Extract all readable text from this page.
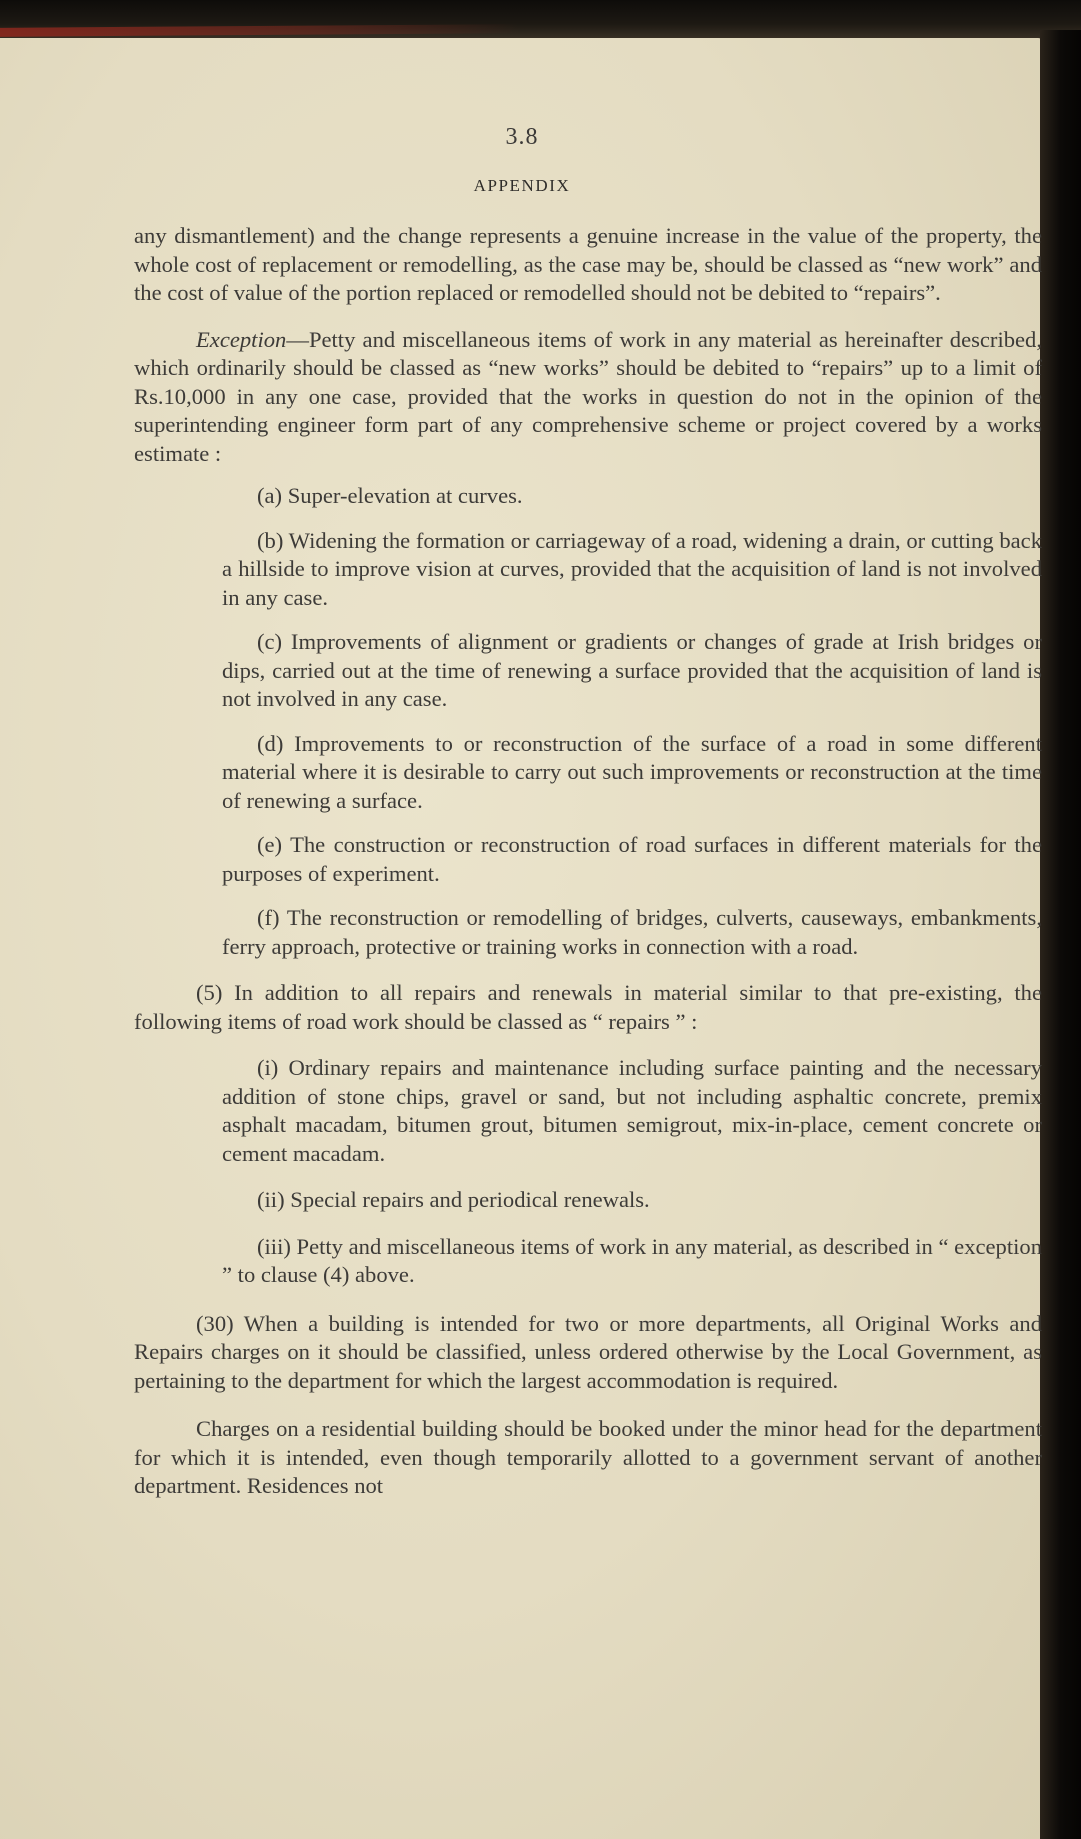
3.8
APPENDIX

any dismantlement) and the change represents a genuine increase in the value of the property, the whole cost of replacement or remodelling, as the case may be, should be classed as “new work” and the cost of value of the portion replaced or remodelled should not be debited to “repairs”.

Exception—Petty and miscellaneous items of work in any material as hereinafter described, which ordinarily should be classed as “new works” should be debited to “repairs” up to a limit of Rs.10,000 in any one case, provided that the works in question do not in the opinion of the superintending engineer form part of any comprehensive scheme or project covered by a works estimate :

(a) Super-elevation at curves.

(b) Widening the formation or carriageway of a road, widening a drain, or cutting back a hillside to improve vision at curves, provided that the acquisition of land is not involved in any case.

(c) Improvements of alignment or gradients or changes of grade at Irish bridges or dips, carried out at the time of renewing a surface provided that the acquisition of land is not involved in any case.

(d) Improvements to or reconstruction of the surface of a road in some different material where it is desirable to carry out such improvements or reconstruction at the time of renewing a surface.

(e) The construction or reconstruction of road surfaces in different materials for the purposes of experiment.

(f) The reconstruction or remodelling of bridges, culverts, causeways, embankments, ferry approach, protective or training works in connection with a road.

(5) In addition to all repairs and renewals in material similar to that pre-existing, the following items of road work should be classed as “ repairs ” :

(i) Ordinary repairs and maintenance including surface painting and the necessary addition of stone chips, gravel or sand, but not including asphaltic concrete, premix asphalt macadam, bitumen grout, bitumen semigrout, mix-in-place, cement concrete or cement macadam.

(ii) Special repairs and periodical renewals.

(iii) Petty and miscellaneous items of work in any material, as described in “ exception ” to clause (4) above.

(30) When a building is intended for two or more departments, all Original Works and Repairs charges on it should be classified, unless ordered otherwise by the Local Government, as pertaining to the department for which the largest accommodation is required.

Charges on a residential building should be booked under the minor head for the department for which it is intended, even though temporarily allotted to a government servant of another department. Residences not
